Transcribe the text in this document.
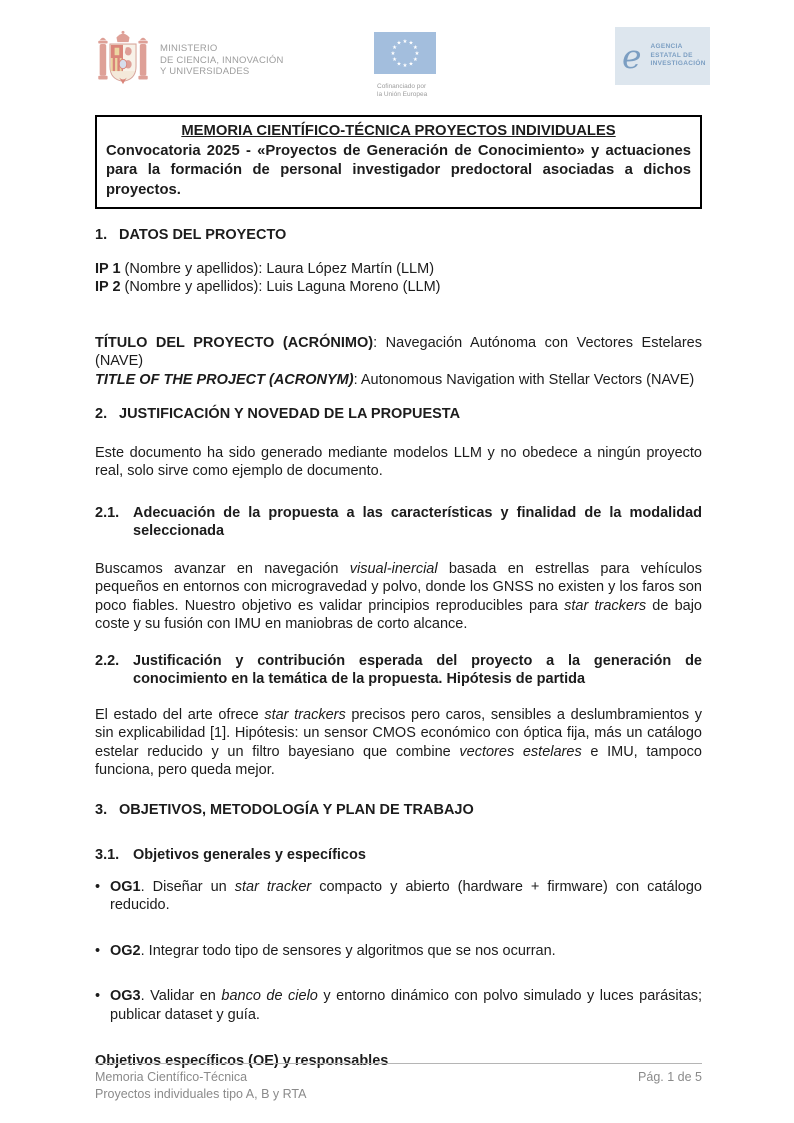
MINISTERIO
DE CIENCIA, INNOVACIÓN
Y UNIVERSIDADES
★ ★
★
★
★
★
★
★
★
★
★
★
Cofinanciado por
la Unión Europea
e AGENCIA
ESTATAL DE
INVESTIGACIÓN
MEMORIA CIENTÍFICO-TÉCNICA PROYECTOS INDIVIDUALES
Convocatoria 2025 - «Proyectos de Generación de Conocimiento» y actuaciones para la formación de personal investigador predoctoral asociadas a dichos proyectos.
1. DATOS DEL PROYECTO
IP 1 (Nombre y apellidos): Laura López Martín (LLM)
IP 2 (Nombre y apellidos): Luis Laguna Moreno (LLM)
TÍTULO DEL PROYECTO (ACRÓNIMO): Navegación Autónoma con Vectores Estelares (NAVE)
TITLE OF THE PROJECT (ACRONYM): Autonomous Navigation with Stellar Vectors (NAVE)
2. JUSTIFICACIÓN Y NOVEDAD DE LA PROPUESTA
Este documento ha sido generado mediante modelos LLM y no obedece a ningún proyecto real, solo sirve como ejemplo de documento.
2.1. Adecuación de la propuesta a las características y finalidad de la modalidad seleccionada
Buscamos avanzar en navegación visual-inercial basada en estrellas para vehículos pequeños en entornos con microgravedad y polvo, donde los GNSS no existen y los faros son poco fiables. Nuestro objetivo es validar principios reproducibles para star trackers de bajo coste y su fusión con IMU en maniobras de corto alcance.
2.2. Justificación y contribución esperada del proyecto a la generación de conocimiento en la temática de la propuesta. Hipótesis de partida
El estado del arte ofrece star trackers precisos pero caros, sensibles a deslumbramientos y sin explicabilidad [1]. Hipótesis: un sensor CMOS económico con óptica fija, más un catálogo estelar reducido y un filtro bayesiano que combine vectores estelares e IMU, tampoco funciona, pero queda mejor.
3. OBJETIVOS, METODOLOGÍA Y PLAN DE TRABAJO
3.1. Objetivos generales y específicos
• OG1. Diseñar un star tracker compacto y abierto (hardware + firmware) con catálogo reducido.
• OG2. Integrar todo tipo de sensores y algoritmos que se nos ocurran.
• OG3. Validar en banco de cielo y entorno dinámico con polvo simulado y luces parásitas; publicar dataset y guía.
Objetivos específicos (OE) y responsables
Memoria Científico-Técnica
Proyectos individuales tipo A, B y RTA
Pág. 1 de 5
